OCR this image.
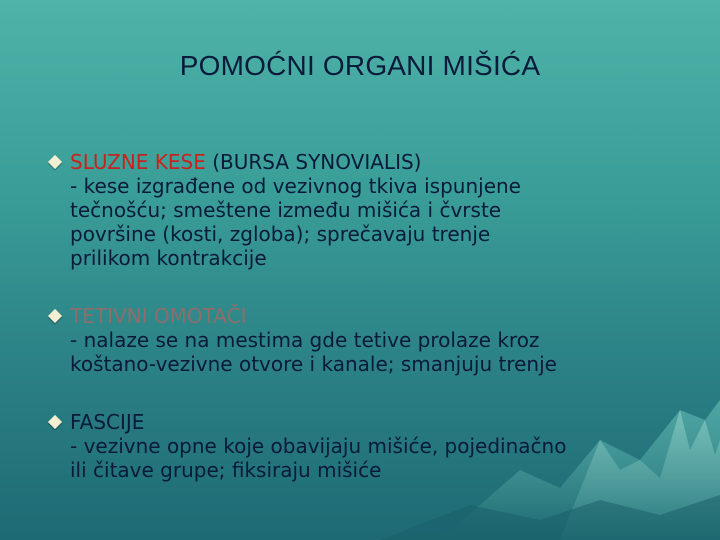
POMOĆNI ORGANI MIŠIĆA
SLUZNE KESE (BURSA SYNOVIALIS)
- kese izgrađene od vezivnog tkiva ispunjene
tečnošću; smeštene između mišića i čvrste
površine (kosti, zgloba); sprečavaju trenje
prilikom kontrakcije
TETIVNI OMOTAČI
- nalaze se na mestima gde tetive prolaze kroz
koštano-vezivne otvore i kanale; smanjuju trenje
FASCIJE
- vezivne opne koje obavijaju mišiće, pojedinačno
ili čitave grupe; fiksiraju mišiće
